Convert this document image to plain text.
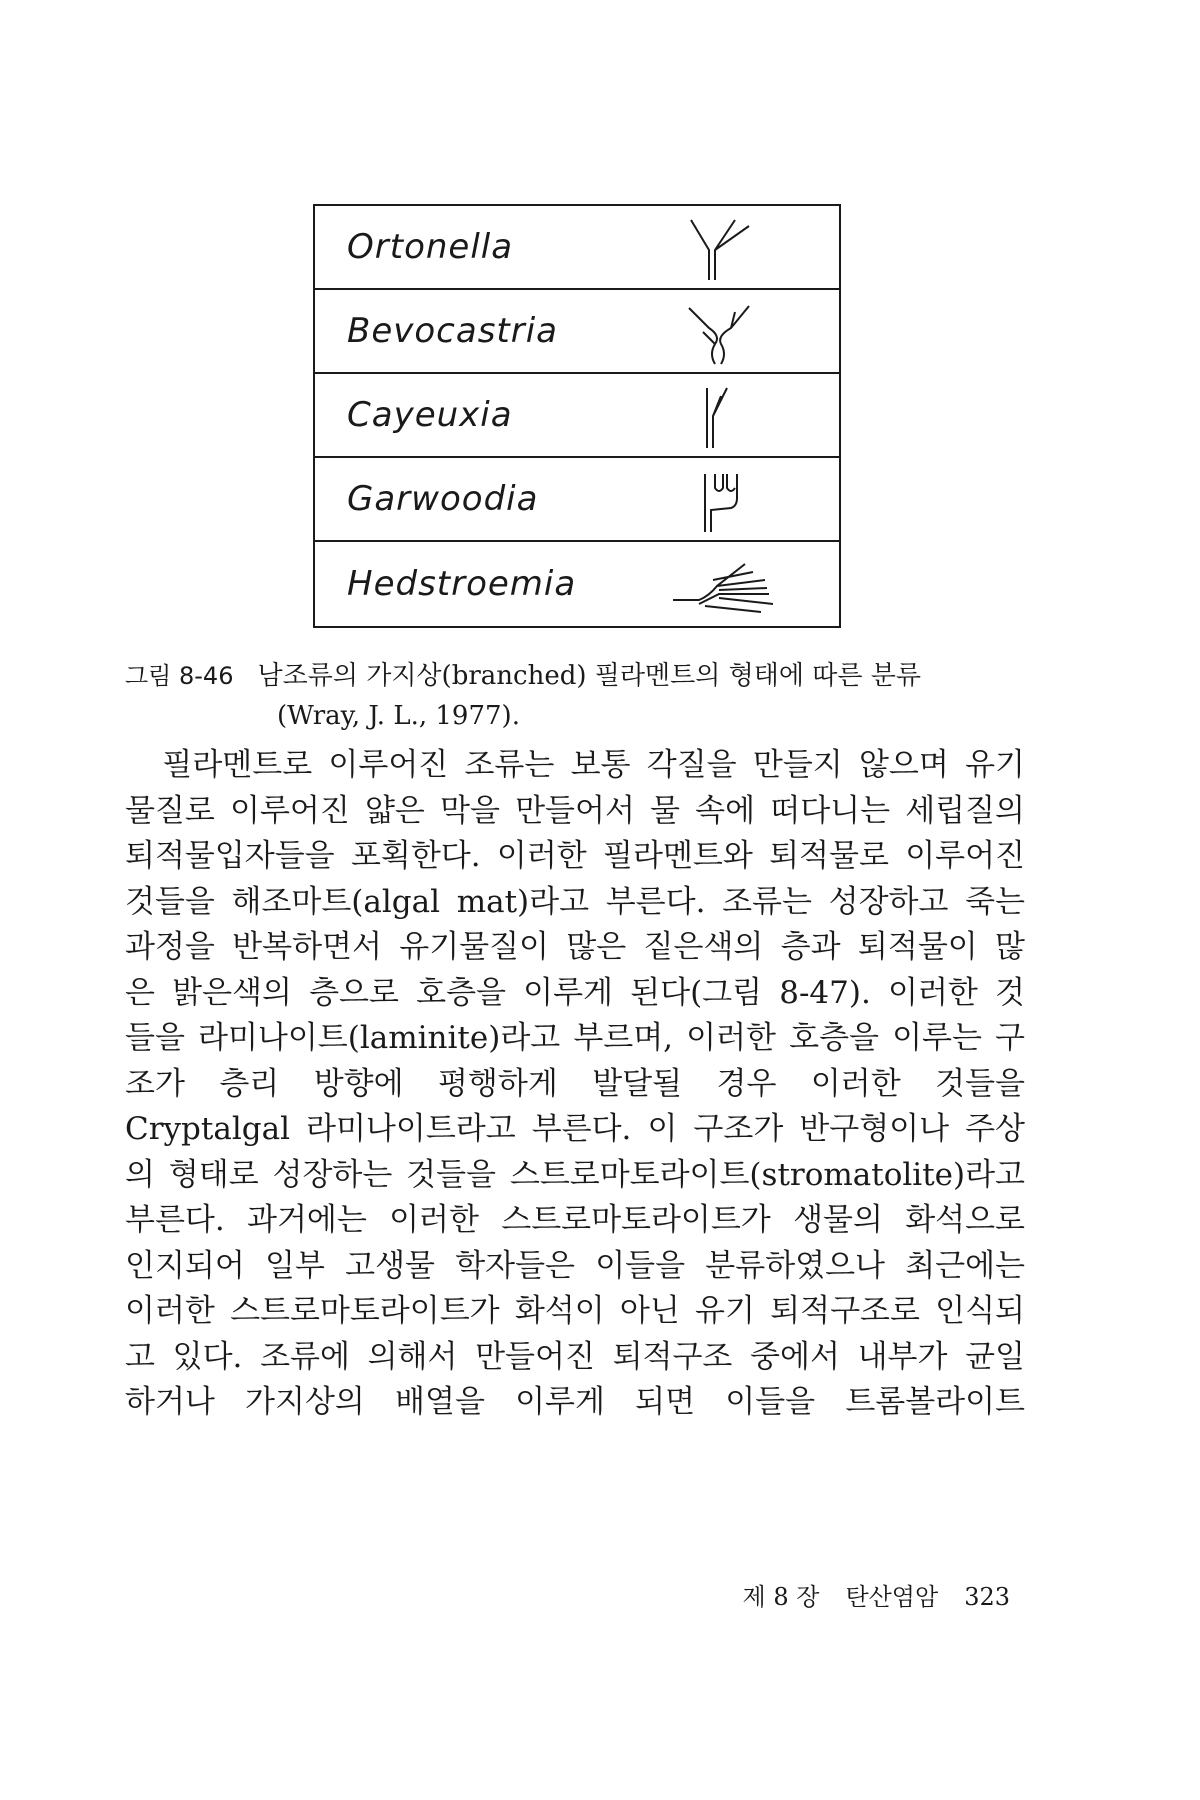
Ortonella
Bevocastria
Cayeuxia
Garwoodia
Hedstroemia
그림 8-46 남조류의 가지상(branched) 필라멘트의 형태에 따른 분류
(Wray, J. L., 1977).
　필라멘트로 이루어진 조류는 보통 각질을 만들지 않으며 유기
물질로 이루어진 얇은 막을 만들어서 물 속에 떠다니는 세립질의
퇴적물입자들을 포획한다. 이러한 필라멘트와 퇴적물로 이루어진
것들을 해조마트(algal mat)라고 부른다. 조류는 성장하고 죽는
과정을 반복하면서 유기물질이 많은 짙은색의 층과 퇴적물이 많
은 밝은색의 층으로 호층을 이루게 된다(그림 8-47). 이러한 것
들을 라미나이트(laminite)라고 부르며, 이러한 호층을 이루는 구
조가 층리 방향에 평행하게 발달될 경우 이러한 것들을
Cryptalgal 라미나이트라고 부른다. 이 구조가 반구형이나 주상
의 형태로 성장하는 것들을 스트로마토라이트(stromatolite)라고
부른다. 과거에는 이러한 스트로마토라이트가 생물의 화석으로
인지되어 일부 고생물 학자들은 이들을 분류하였으나 최근에는
이러한 스트로마토라이트가 화석이 아닌 유기 퇴적구조로 인식되
고 있다. 조류에 의해서 만들어진 퇴적구조 중에서 내부가 균일
하거나 가지상의 배열을 이루게 되면 이들을 트롬볼라이트
제 8 장 탄산염암 323
